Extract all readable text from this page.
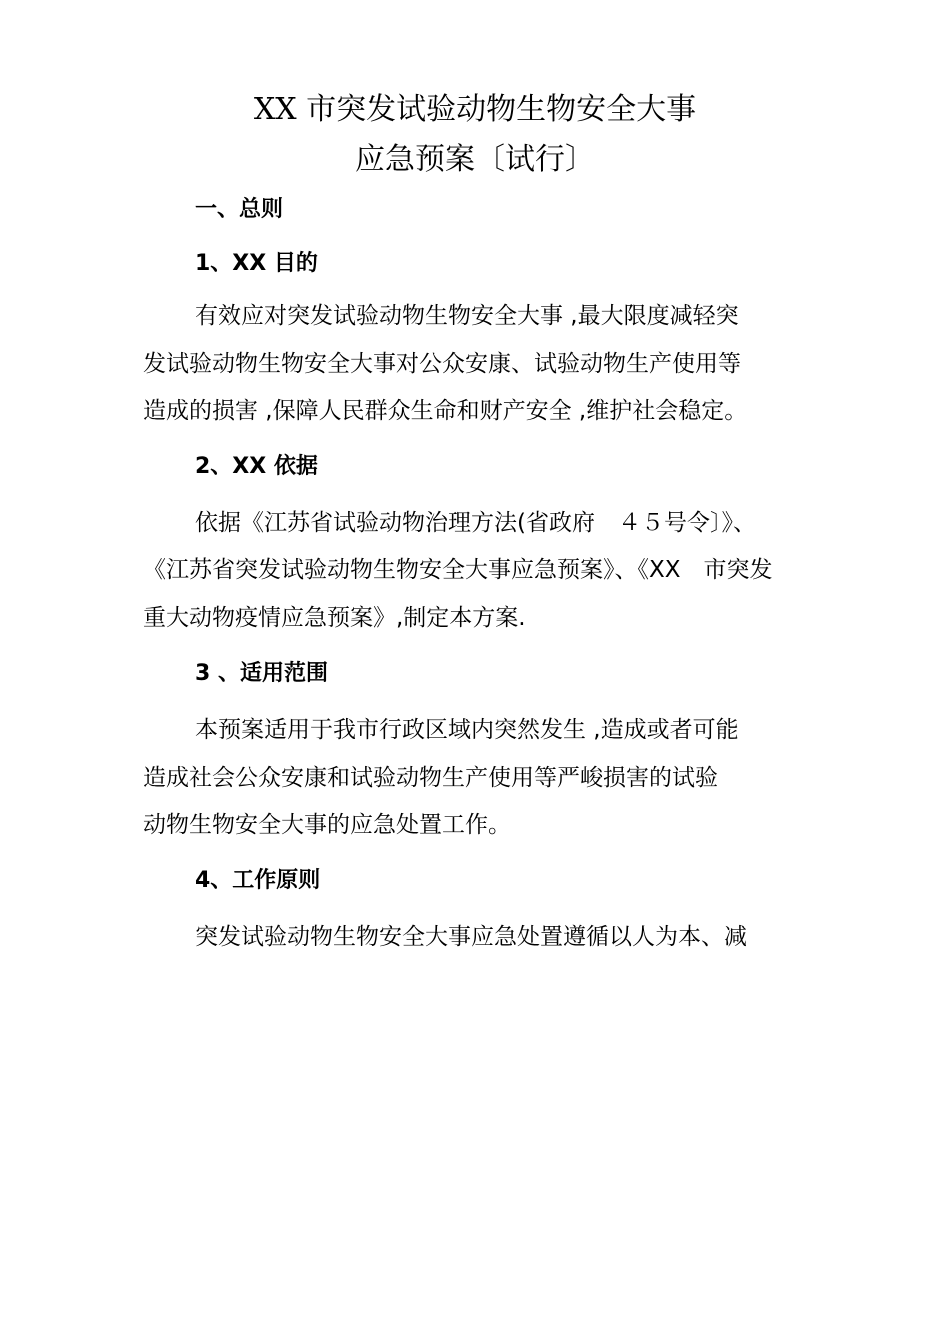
XX 市突发试验动物生物安全大事
应急预案〔试行〕
一、总则
1、XX 目的
有效应对突发试验动物生物安全大事 ,最大限度减轻突
发试验动物生物安全大事对公众安康、试验动物生产使用等
造成的损害 ,保障人民群众生命和财产安全 ,维护社会稳定。
2、XX 依据
依据《江苏省试验动物治理方法(省政府　４５号令〕》、
《江苏省突发试验动物生物安全大事应急预案》、《XX　市突发
重大动物疫情应急预案》,制定本方案.
3 、适用范围
本预案适用于我市行政区域内突然发生 ,造成或者可能
造成社会公众安康和试验动物生产使用等严峻损害的试验
动物生物安全大事的应急处置工作。
4、工作原则
突发试验动物生物安全大事应急处置遵循以人为本、减
